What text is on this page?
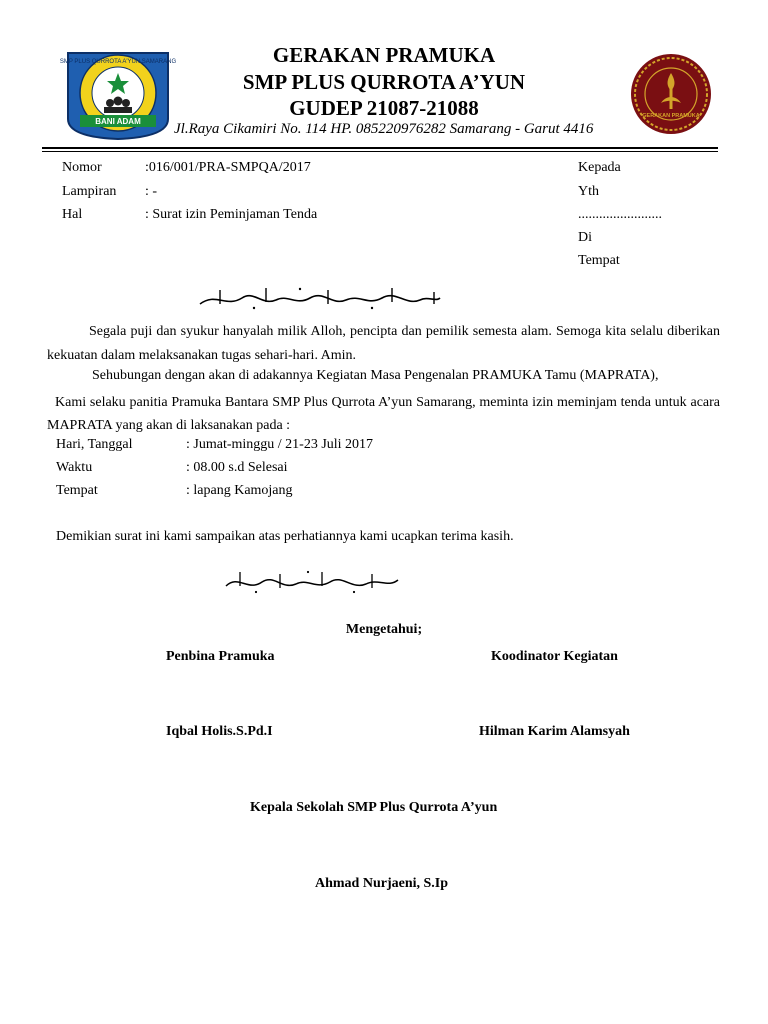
BANI ADAM
SMP PLUS QURROTA A'YUN SAMARANG
GERAKAN PRAMUKA
GERAKAN PRAMUKA
SMP PLUS QURROTA A’YUN
GUDEP 21087-21088
Jl.Raya Cikamiri No. 114 HP. 085220976282 Samarang - Garut 4416
Nomor	:016/001/PRA-SMPQA/2017
Lampiran : -
Hal	: Surat izin Peminjaman Tenda
Kepada
Yth
........................
Di
Tempat
Segala puji dan syukur hanyalah milik Alloh, pencipta dan pemilik semesta alam. Semoga kita selalu diberikan kekuatan dalam melaksanakan tugas sehari-hari. Amin.
Sehubungan dengan akan di adakannya Kegiatan Masa Pengenalan PRAMUKA Tamu (MAPRATA),
Kami selaku panitia Pramuka Bantara SMP Plus Qurrota A’yun Samarang, meminta izin meminjam tenda untuk acara MAPRATA yang akan di laksanakan pada :
Hari, Tanggal	: Jumat-minggu / 21-23 Juli 2017
Waktu	: 08.00 s.d Selesai
Tempat	: lapang Kamojang
Demikian surat ini kami sampaikan atas perhatiannya kami ucapkan terima kasih.
Mengetahui;
Penbina Pramuka	Koodinator Kegiatan
Iqbal Holis.S.Pd.I	Hilman Karim Alamsyah
Kepala Sekolah SMP Plus Qurrota A’yun
Ahmad Nurjaeni, S.Ip
